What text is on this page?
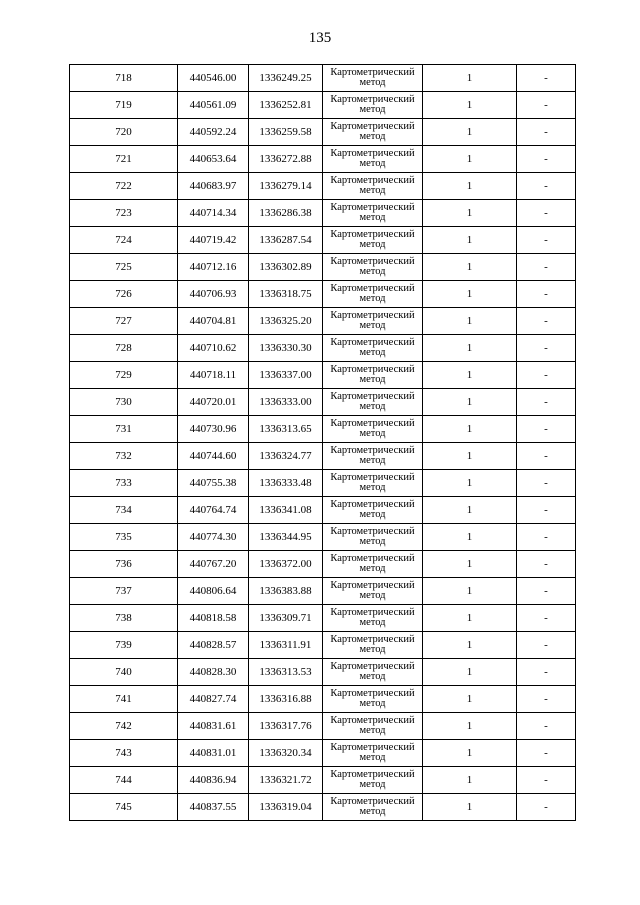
135
718	440546.00	1336249.25	Картометрический метод	1	-
719	440561.09	1336252.81	Картометрический метод	1	-
720	440592.24	1336259.58	Картометрический метод	1	-
721	440653.64	1336272.88	Картометрический метод	1	-
722	440683.97	1336279.14	Картометрический метод	1	-
723	440714.34	1336286.38	Картометрический метод	1	-
724	440719.42	1336287.54	Картометрический метод	1	-
725	440712.16	1336302.89	Картометрический метод	1	-
726	440706.93	1336318.75	Картометрический метод	1	-
727	440704.81	1336325.20	Картометрический метод	1	-
728	440710.62	1336330.30	Картометрический метод	1	-
729	440718.11	1336337.00	Картометрический метод	1	-
730	440720.01	1336333.00	Картометрический метод	1	-
731	440730.96	1336313.65	Картометрический метод	1	-
732	440744.60	1336324.77	Картометрический метод	1	-
733	440755.38	1336333.48	Картометрический метод	1	-
734	440764.74	1336341.08	Картометрический метод	1	-
735	440774.30	1336344.95	Картометрический метод	1	-
736	440767.20	1336372.00	Картометрический метод	1	-
737	440806.64	1336383.88	Картометрический метод	1	-
738	440818.58	1336309.71	Картометрический метод	1	-
739	440828.57	1336311.91	Картометрический метод	1	-
740	440828.30	1336313.53	Картометрический метод	1	-
741	440827.74	1336316.88	Картометрический метод	1	-
742	440831.61	1336317.76	Картометрический метод	1	-
743	440831.01	1336320.34	Картометрический метод	1	-
744	440836.94	1336321.72	Картометрический метод	1	-
745	440837.55	1336319.04	Картометрический метод	1	-
